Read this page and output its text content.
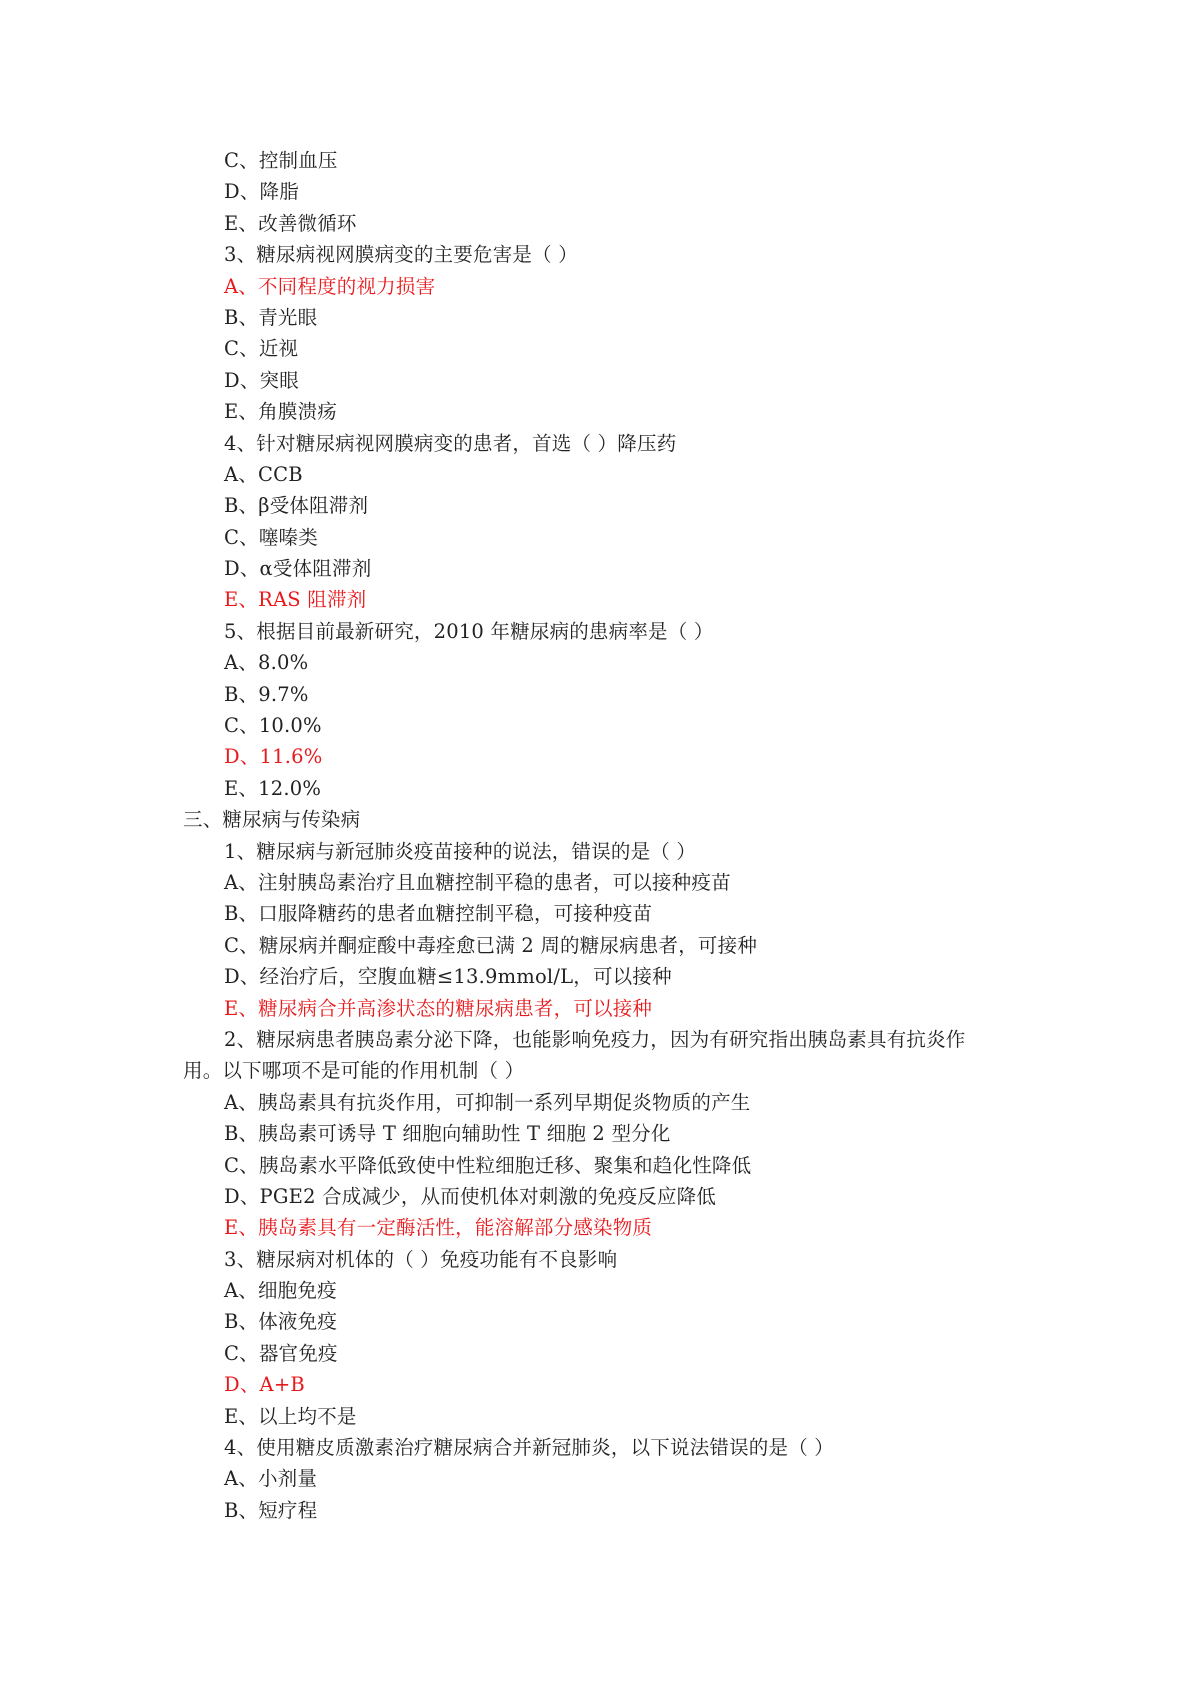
C、控制血压
D、降脂
E、改善微循环
3、糖尿病视网膜病变的主要危害是（ ）
A、不同程度的视力损害
B、青光眼
C、近视
D、突眼
E、角膜溃疡
4、针对糖尿病视网膜病变的患者，首选（ ）降压药
A、CCB
B、β受体阻滞剂
C、噻嗪类
D、α受体阻滞剂
E、RAS 阻滞剂
5、根据目前最新研究，2010 年糖尿病的患病率是（ ）
A、8.0%
B、9.7%
C、10.0%
D、11.6%
E、12.0%
三、糖尿病与传染病
1、糖尿病与新冠肺炎疫苗接种的说法，错误的是（ ）
A、注射胰岛素治疗且血糖控制平稳的患者，可以接种疫苗
B、口服降糖药的患者血糖控制平稳，可接种疫苗
C、糖尿病并酮症酸中毒痊愈已满 2 周的糖尿病患者，可接种
D、经治疗后，空腹血糖≤13.9mmol/L，可以接种
E、糖尿病合并高渗状态的糖尿病患者，可以接种
2、糖尿病患者胰岛素分泌下降，也能影响免疫力，因为有研究指出胰岛素具有抗炎作
用。以下哪项不是可能的作用机制（ ）
A、胰岛素具有抗炎作用，可抑制一系列早期促炎物质的产生
B、胰岛素可诱导 T 细胞向辅助性 T 细胞 2 型分化
C、胰岛素水平降低致使中性粒细胞迁移、聚集和趋化性降低
D、PGE2 合成减少，从而使机体对刺激的免疫反应降低
E、胰岛素具有一定酶活性，能溶解部分感染物质
3、糖尿病对机体的（ ）免疫功能有不良影响
A、细胞免疫
B、体液免疫
C、器官免疫
D、A+B
E、以上均不是
4、使用糖皮质激素治疗糖尿病合并新冠肺炎，以下说法错误的是（ ）
A、小剂量
B、短疗程
